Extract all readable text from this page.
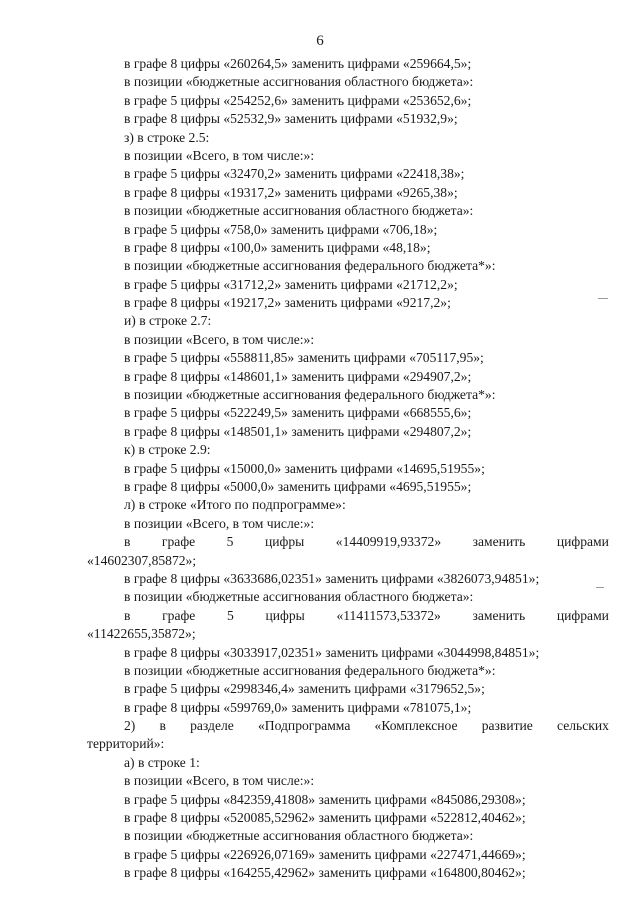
6
в графе 8 цифры «260264,5» заменить цифрами «259664,5»;
в позиции «бюджетные ассигнования областного бюджета»:
в графе 5 цифры «254252,6» заменить цифрами «253652,6»;
в графе 8 цифры «52532,9» заменить цифрами «51932,9»;
з) в строке 2.5:
в позиции «Всего, в том числе:»:
в графе 5 цифры «32470,2» заменить цифрами «22418,38»;
в графе 8 цифры «19317,2» заменить цифрами «9265,38»;
в позиции «бюджетные ассигнования областного бюджета»:
в графе 5 цифры «758,0» заменить цифрами «706,18»;
в графе 8 цифры «100,0» заменить цифрами «48,18»;
в позиции «бюджетные ассигнования федерального бюджета*»:
в графе 5 цифры «31712,2» заменить цифрами «21712,2»;
в графе 8 цифры «19217,2» заменить цифрами «9217,2»;
и) в строке 2.7:
в позиции «Всего, в том числе:»:
в графе 5 цифры «558811,85» заменить цифрами «705117,95»;
в графе 8 цифры «148601,1» заменить цифрами «294907,2»;
в позиции «бюджетные ассигнования федерального бюджета*»:
в графе 5 цифры «522249,5» заменить цифрами «668555,6»;
в графе 8 цифры «148501,1» заменить цифрами «294807,2»;
к) в строке 2.9:
в графе 5 цифры «15000,0» заменить цифрами «14695,51955»;
в графе 8 цифры «5000,0» заменить цифрами «4695,51955»;
л) в строке «Итого по подпрограмме»:
в позиции «Всего, в том числе:»:
в графе 5 цифры «14409919,93372» заменить цифрами
«14602307,85872»;
в графе 8 цифры «3633686,02351» заменить цифрами «3826073,94851»;
в позиции «бюджетные ассигнования областного бюджета»:
в графе 5 цифры «11411573,53372» заменить цифрами
«11422655,35872»;
в графе 8 цифры «3033917,02351» заменить цифрами «3044998,84851»;
в позиции «бюджетные ассигнования федерального бюджета*»:
в графе 5 цифры «2998346,4» заменить цифрами «3179652,5»;
в графе 8 цифры «599769,0» заменить цифрами «781075,1»;
2) в разделе «Подпрограмма «Комплексное развитие сельских
территорий»:
а) в строке 1:
в позиции «Всего, в том числе:»:
в графе 5 цифры «842359,41808» заменить цифрами «845086,29308»;
в графе 8 цифры «520085,52962» заменить цифрами «522812,40462»;
в позиции «бюджетные ассигнования областного бюджета»:
в графе 5 цифры «226926,07169» заменить цифрами «227471,44669»;
в графе 8 цифры «164255,42962» заменить цифрами «164800,80462»;
